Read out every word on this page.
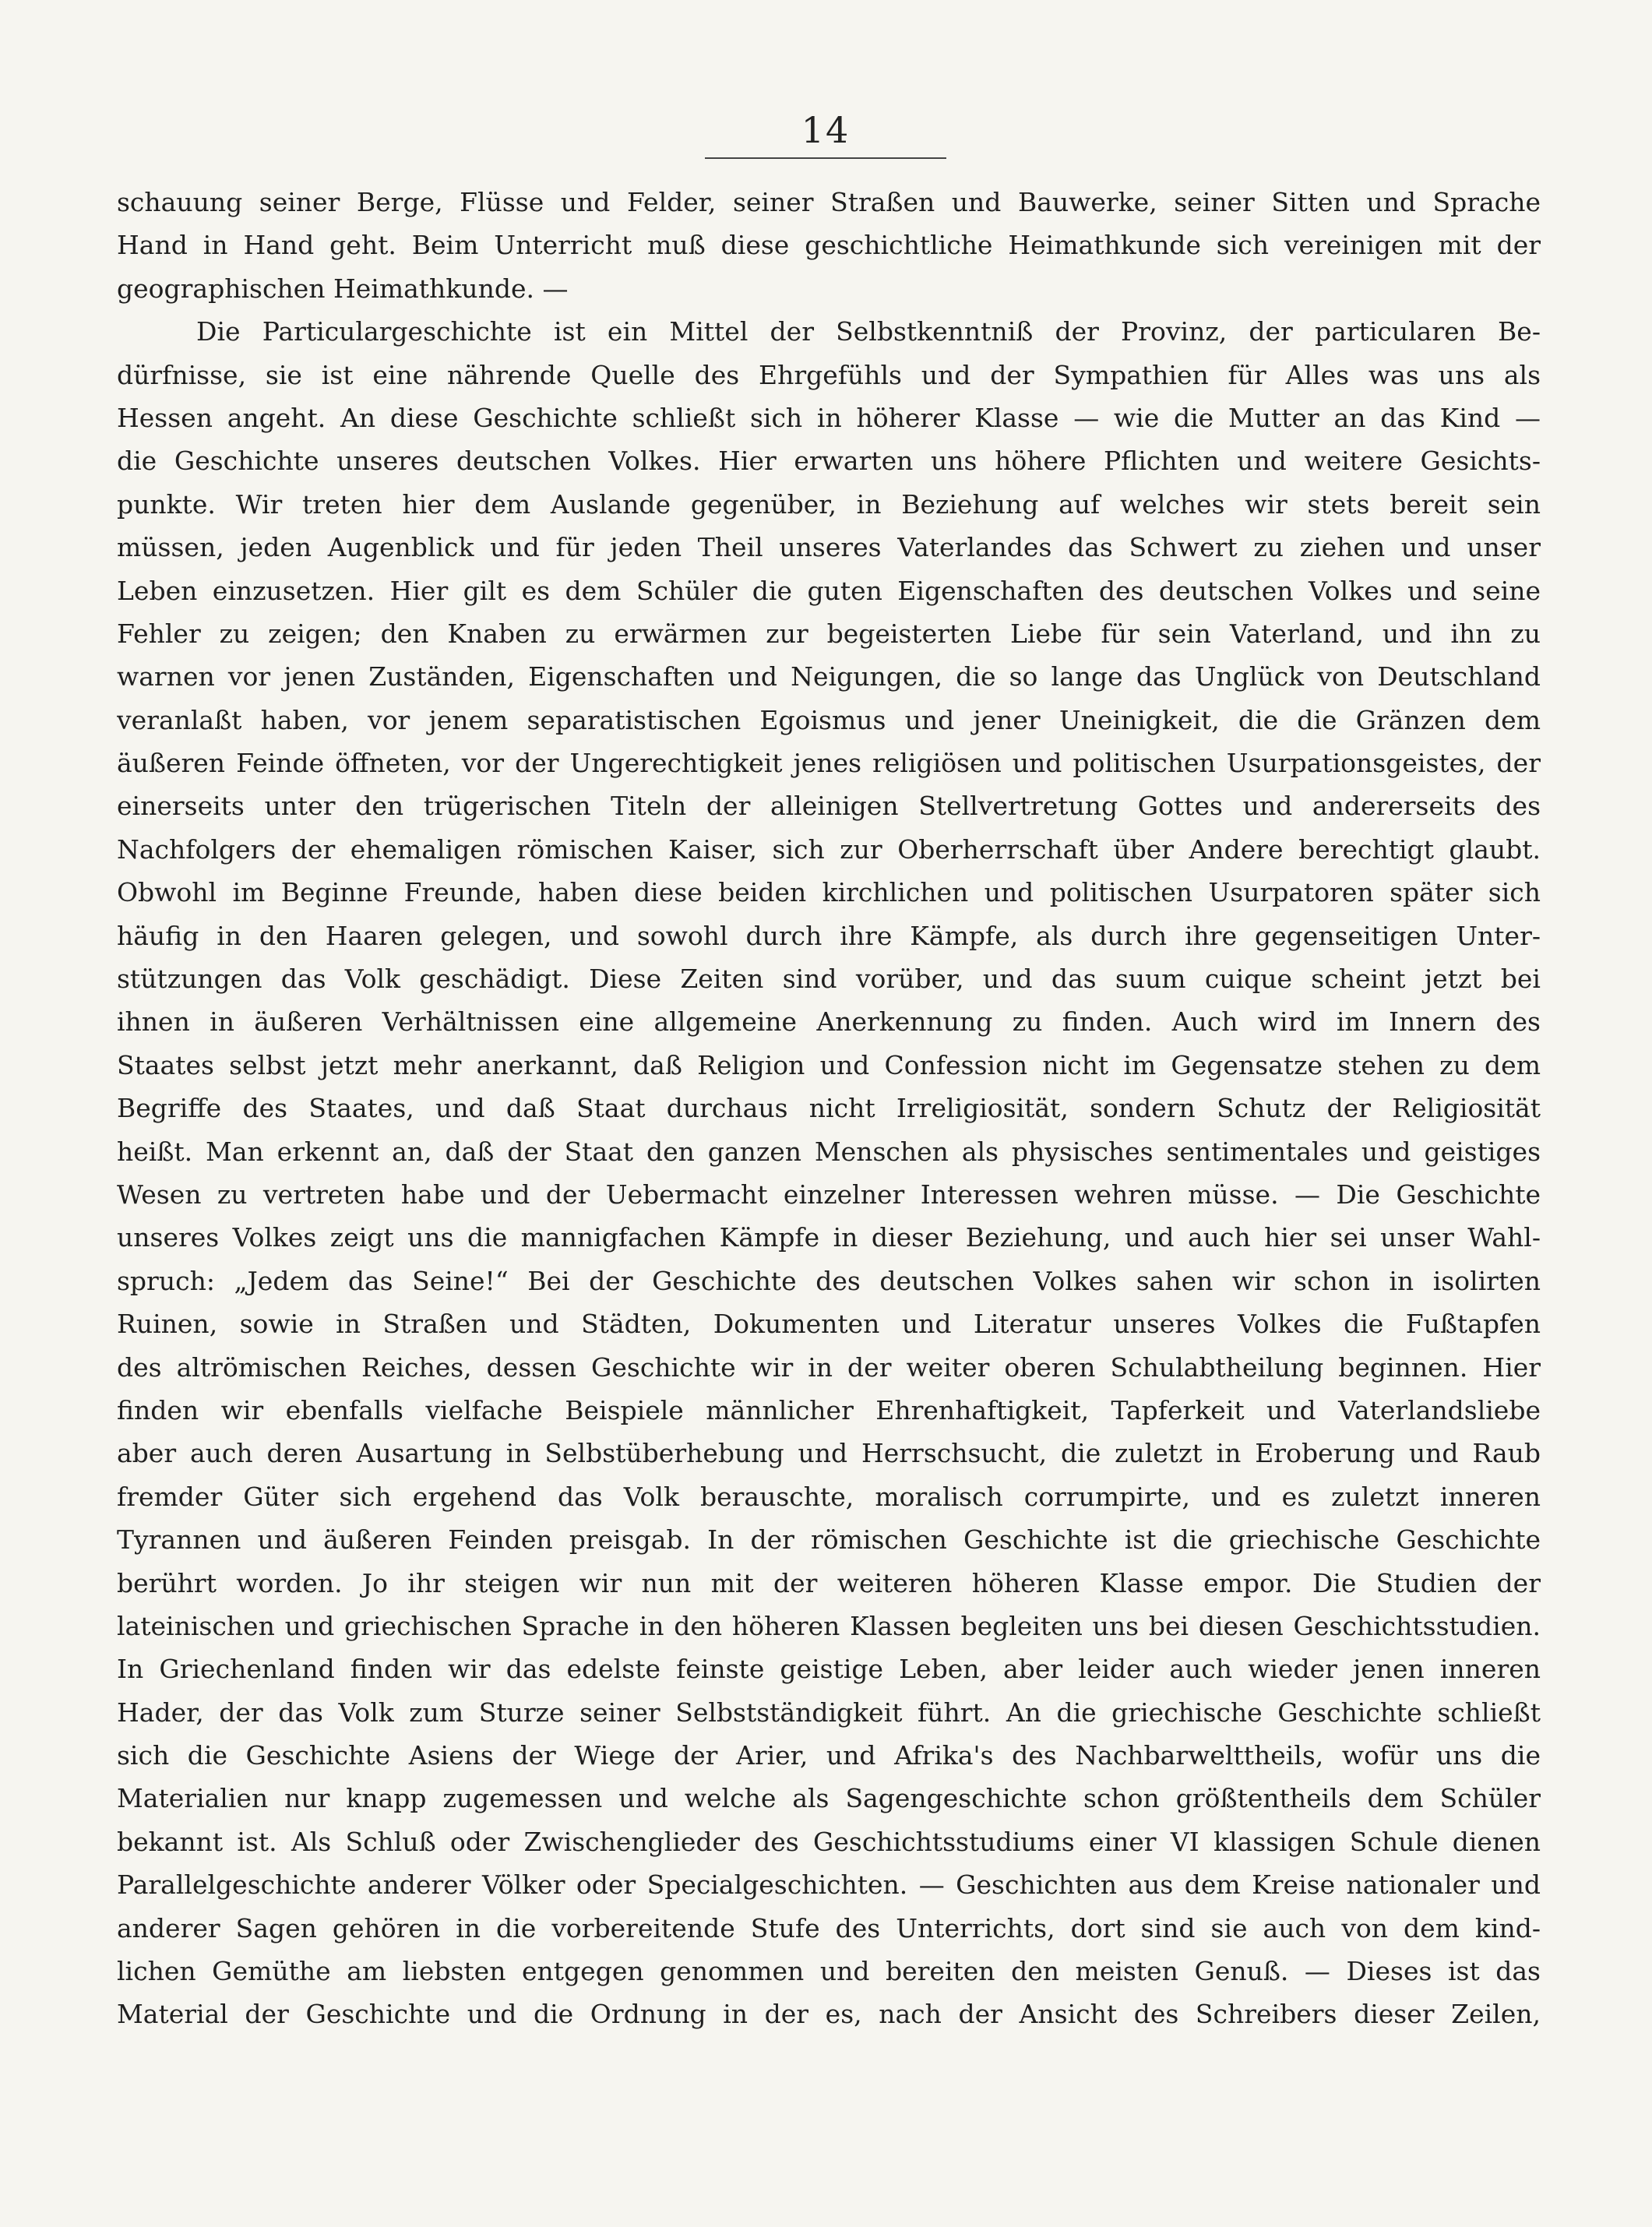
14
schauung seiner Berge, Flüsse und Felder, seiner Straßen und Bauwerke, seiner Sitten und Sprache
Hand in Hand geht. Beim Unterricht muß diese geschichtliche Heimathkunde sich vereinigen mit der
geographischen Heimathkunde. —
Die Particulargeschichte ist ein Mittel der Selbstkenntniß der Provinz, der particularen Be-
dürfnisse, sie ist eine nährende Quelle des Ehrgefühls und der Sympathien für Alles was uns als
Hessen angeht. An diese Geschichte schließt sich in höherer Klasse — wie die Mutter an das Kind —
die Geschichte unseres deutschen Volkes. Hier erwarten uns höhere Pflichten und weitere Gesichts-
punkte. Wir treten hier dem Auslande gegenüber, in Beziehung auf welches wir stets bereit sein
müssen, jeden Augenblick und für jeden Theil unseres Vaterlandes das Schwert zu ziehen und unser
Leben einzusetzen. Hier gilt es dem Schüler die guten Eigenschaften des deutschen Volkes und seine
Fehler zu zeigen; den Knaben zu erwärmen zur begeisterten Liebe für sein Vaterland, und ihn zu
warnen vor jenen Zuständen, Eigenschaften und Neigungen, die so lange das Unglück von Deutschland
veranlaßt haben, vor jenem separatistischen Egoismus und jener Uneinigkeit, die die Gränzen dem
äußeren Feinde öffneten, vor der Ungerechtigkeit jenes religiösen und politischen Usurpationsgeistes, der
einerseits unter den trügerischen Titeln der alleinigen Stellvertretung Gottes und andererseits des
Nachfolgers der ehemaligen römischen Kaiser, sich zur Oberherrschaft über Andere berechtigt glaubt.
Obwohl im Beginne Freunde, haben diese beiden kirchlichen und politischen Usurpatoren später sich
häufig in den Haaren gelegen, und sowohl durch ihre Kämpfe, als durch ihre gegenseitigen Unter-
stützungen das Volk geschädigt. Diese Zeiten sind vorüber, und das suum cuique scheint jetzt bei
ihnen in äußeren Verhältnissen eine allgemeine Anerkennung zu finden. Auch wird im Innern des
Staates selbst jetzt mehr anerkannt, daß Religion und Confession nicht im Gegensatze stehen zu dem
Begriffe des Staates, und daß Staat durchaus nicht Irreligiosität, sondern Schutz der Religiosität
heißt. Man erkennt an, daß der Staat den ganzen Menschen als physisches sentimentales und geistiges
Wesen zu vertreten habe und der Uebermacht einzelner Interessen wehren müsse. — Die Geschichte
unseres Volkes zeigt uns die mannigfachen Kämpfe in dieser Beziehung, und auch hier sei unser Wahl-
spruch: „Jedem das Seine!“ Bei der Geschichte des deutschen Volkes sahen wir schon in isolirten
Ruinen, sowie in Straßen und Städten, Dokumenten und Literatur unseres Volkes die Fußtapfen
des altrömischen Reiches, dessen Geschichte wir in der weiter oberen Schulabtheilung beginnen. Hier
finden wir ebenfalls vielfache Beispiele männlicher Ehrenhaftigkeit, Tapferkeit und Vaterlandsliebe
aber auch deren Ausartung in Selbstüberhebung und Herrschsucht, die zuletzt in Eroberung und Raub
fremder Güter sich ergehend das Volk berauschte, moralisch corrumpirte, und es zuletzt inneren
Tyrannen und äußeren Feinden preisgab. In der römischen Geschichte ist die griechische Geschichte
berührt worden. Jo ihr steigen wir nun mit der weiteren höheren Klasse empor. Die Studien der
lateinischen und griechischen Sprache in den höheren Klassen begleiten uns bei diesen Geschichtsstudien.
In Griechenland finden wir das edelste feinste geistige Leben, aber leider auch wieder jenen inneren
Hader, der das Volk zum Sturze seiner Selbstständigkeit führt. An die griechische Geschichte schließt
sich die Geschichte Asiens der Wiege der Arier, und Afrika's des Nachbarwelttheils, wofür uns die
Materialien nur knapp zugemessen und welche als Sagengeschichte schon größtentheils dem Schüler
bekannt ist. Als Schluß oder Zwischenglieder des Geschichtsstudiums einer VI klassigen Schule dienen
Parallelgeschichte anderer Völker oder Specialgeschichten. — Geschichten aus dem Kreise nationaler und
anderer Sagen gehören in die vorbereitende Stufe des Unterrichts, dort sind sie auch von dem kind-
lichen Gemüthe am liebsten entgegen genommen und bereiten den meisten Genuß. — Dieses ist das
Material der Geschichte und die Ordnung in der es, nach der Ansicht des Schreibers dieser Zeilen,
